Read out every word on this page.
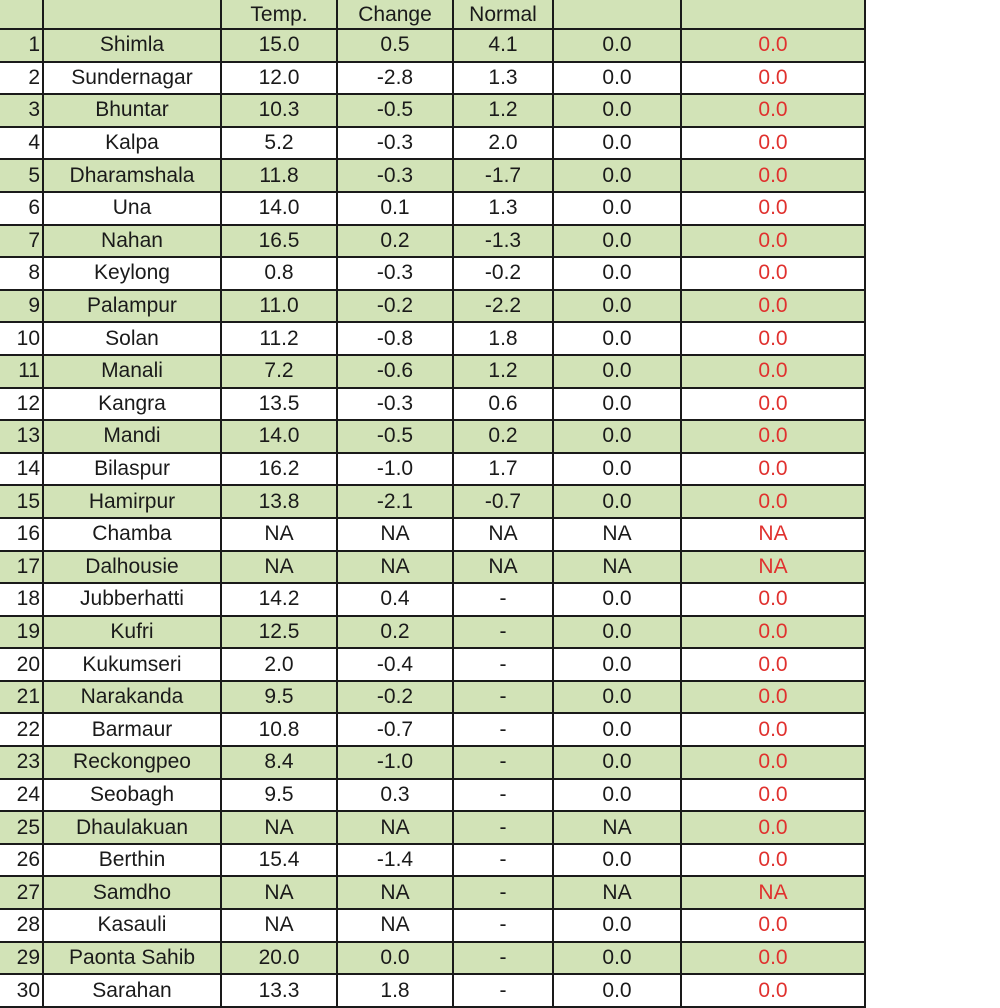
		Temp.	Change	Normal		
1	Shimla	15.0	0.5	4.1	0.0	0.0
2	Sundernagar	12.0	-2.8	1.3	0.0	0.0
3	Bhuntar	10.3	-0.5	1.2	0.0	0.0
4	Kalpa	5.2	-0.3	2.0	0.0	0.0
5	Dharamshala	11.8	-0.3	-1.7	0.0	0.0
6	Una	14.0	0.1	1.3	0.0	0.0
7	Nahan	16.5	0.2	-1.3	0.0	0.0
8	Keylong	0.8	-0.3	-0.2	0.0	0.0
9	Palampur	11.0	-0.2	-2.2	0.0	0.0
10	Solan	11.2	-0.8	1.8	0.0	0.0
11	Manali	7.2	-0.6	1.2	0.0	0.0
12	Kangra	13.5	-0.3	0.6	0.0	0.0
13	Mandi	14.0	-0.5	0.2	0.0	0.0
14	Bilaspur	16.2	-1.0	1.7	0.0	0.0
15	Hamirpur	13.8	-2.1	-0.7	0.0	0.0
16	Chamba	NA	NA	NA	NA	NA
17	Dalhousie	NA	NA	NA	NA	NA
18	Jubberhatti	14.2	0.4	-	0.0	0.0
19	Kufri	12.5	0.2	-	0.0	0.0
20	Kukumseri	2.0	-0.4	-	0.0	0.0
21	Narakanda	9.5	-0.2	-	0.0	0.0
22	Barmaur	10.8	-0.7	-	0.0	0.0
23	Reckongpeo	8.4	-1.0	-	0.0	0.0
24	Seobagh	9.5	0.3	-	0.0	0.0
25	Dhaulakuan	NA	NA	-	NA	0.0
26	Berthin	15.4	-1.4	-	0.0	0.0
27	Samdho	NA	NA	-	NA	NA
28	Kasauli	NA	NA	-	0.0	0.0
29	Paonta Sahib	20.0	0.0	-	0.0	0.0
30	Sarahan	13.3	1.8	-	0.0	0.0
